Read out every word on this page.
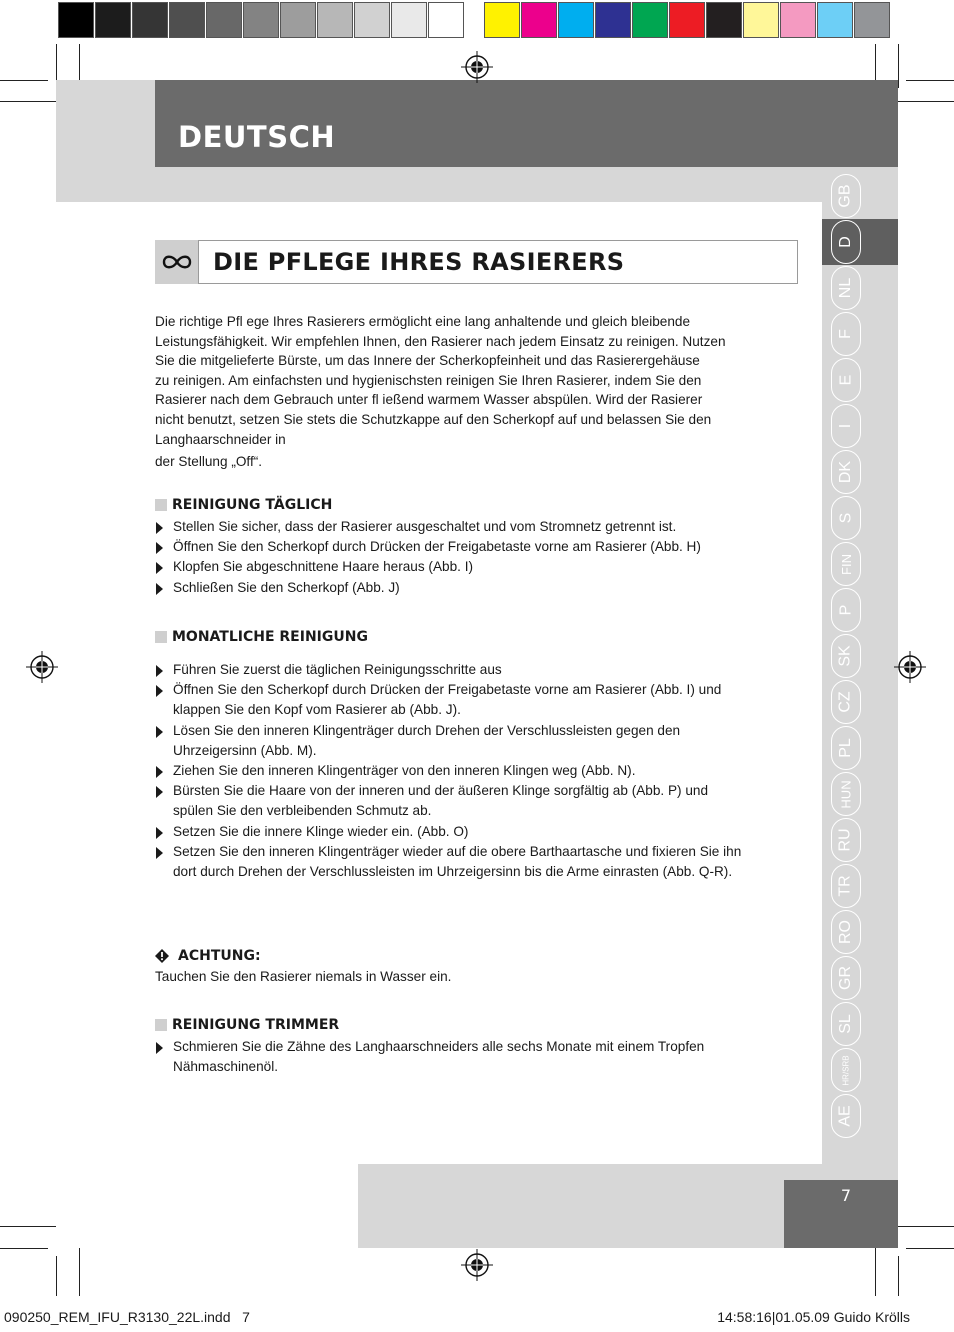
DEUTSCH
GB
D
NL
F
E
I
DK
S
FIN
P
SK
CZ
PL
HUN
RU
TR
RO
GR
SL
HR/SRB
AE
7
DIE PFLEGE IHRES RASIERERS
Die richtige Pfl ege Ihres Rasierers ermöglicht eine lang anhaltende und gleich bleibende
Leistungsfähigkeit. Wir empfehlen Ihnen, den Rasierer nach jedem Einsatz zu reinigen. Nutzen
Sie die mitgelieferte Bürste, um das Innere der Scherkopfeinheit und das Rasierergehäuse
zu reinigen. Am einfachsten und hygienischsten reinigen Sie Ihren Rasierer, indem Sie den
Rasierer nach dem Gebrauch unter fl ießend warmem Wasser abspülen. Wird der Rasierer
nicht benutzt, setzen Sie stets die Schutzkappe auf den Scherkopf auf und belassen Sie den
Langhaarschneider in
der Stellung „Off“.
REINIGUNG TÄGLICH
Stellen Sie sicher, dass der Rasierer ausgeschaltet und vom Stromnetz getrennt ist.
Öffnen Sie den Scherkopf durch Drücken der Freigabetaste vorne am Rasierer (Abb. H)
Klopfen Sie abgeschnittene Haare heraus (Abb. I)
Schließen Sie den Scherkopf (Abb. J)
MONATLICHE REINIGUNG
Führen Sie zuerst die täglichen Reinigungsschritte aus
Öffnen Sie den Scherkopf durch Drücken der Freigabetaste vorne am Rasierer (Abb. I) und
klappen Sie den Kopf vom Rasierer ab (Abb. J).
Lösen Sie den inneren Klingenträger durch Drehen der Verschlussleisten gegen den
Uhrzeigersinn (Abb. M).
Ziehen Sie den inneren Klingenträger von den inneren Klingen weg (Abb. N).
Bürsten Sie die Haare von der inneren und der äußeren Klinge sorgfältig ab (Abb. P) und
spülen Sie den verbleibenden Schmutz ab.
Setzen Sie die innere Klinge wieder ein. (Abb. O)
Setzen Sie den inneren Klingenträger wieder auf die obere Barthaartasche und fixieren Sie ihn
dort durch Drehen der Verschlussleisten im Uhrzeigersinn bis die Arme einrasten (Abb. Q-R).
ACHTUNG:
Tauchen Sie den Rasierer niemals in Wasser ein.
REINIGUNG TRIMMER
Schmieren Sie die Zähne des Langhaarschneiders alle sechs Monate mit einem Tropfen
Nähmaschinenöl.
090250_REM_IFU_R3130_22L.indd   7	14:58:16|01.05.09 Guido Krölls
